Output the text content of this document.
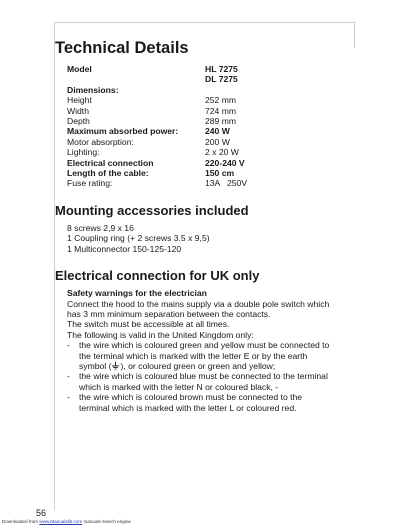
Technical Details
Model	HL 7275
DL 7275
Dimensions:
Height	252 mm
Width	724 mm
Depth	289 mm
Maximum absorbed power:	240 W
Motor absorption:	200 W
Lighting:	2 x 20 W
Electrical connection	220-240 V
Length of the cable:	150 cm
Fuse rating:	13A   250V
Mounting accessories included
8 screws 2,9 x 16
1 Coupling ring (+ 2 screws 3.5 x 9,5)
1 Multiconnector 150-125-120
Electrical connection for UK only
Safety warnings for the electrician
Connect the hood to the mains supply via a double pole switch which has 3 mm minimum separation between the contacts.
The switch must be accessible at all times.
The following is valid in the United Kingdom only:
-	the wire which is coloured green and yellow must be connected to the terminal which is marked with the letter E or by the earth symbol ( ), or coloured green or green and yellow;
-	the wire which is coloured blue must be connected to the terminal which is marked with the letter N or coloured black, -
-	the wire which is coloured brown must be connected to the terminal which is marked with the letter L or coloured red.
56
Downloaded from www.Manualslib.com manuals search engine
